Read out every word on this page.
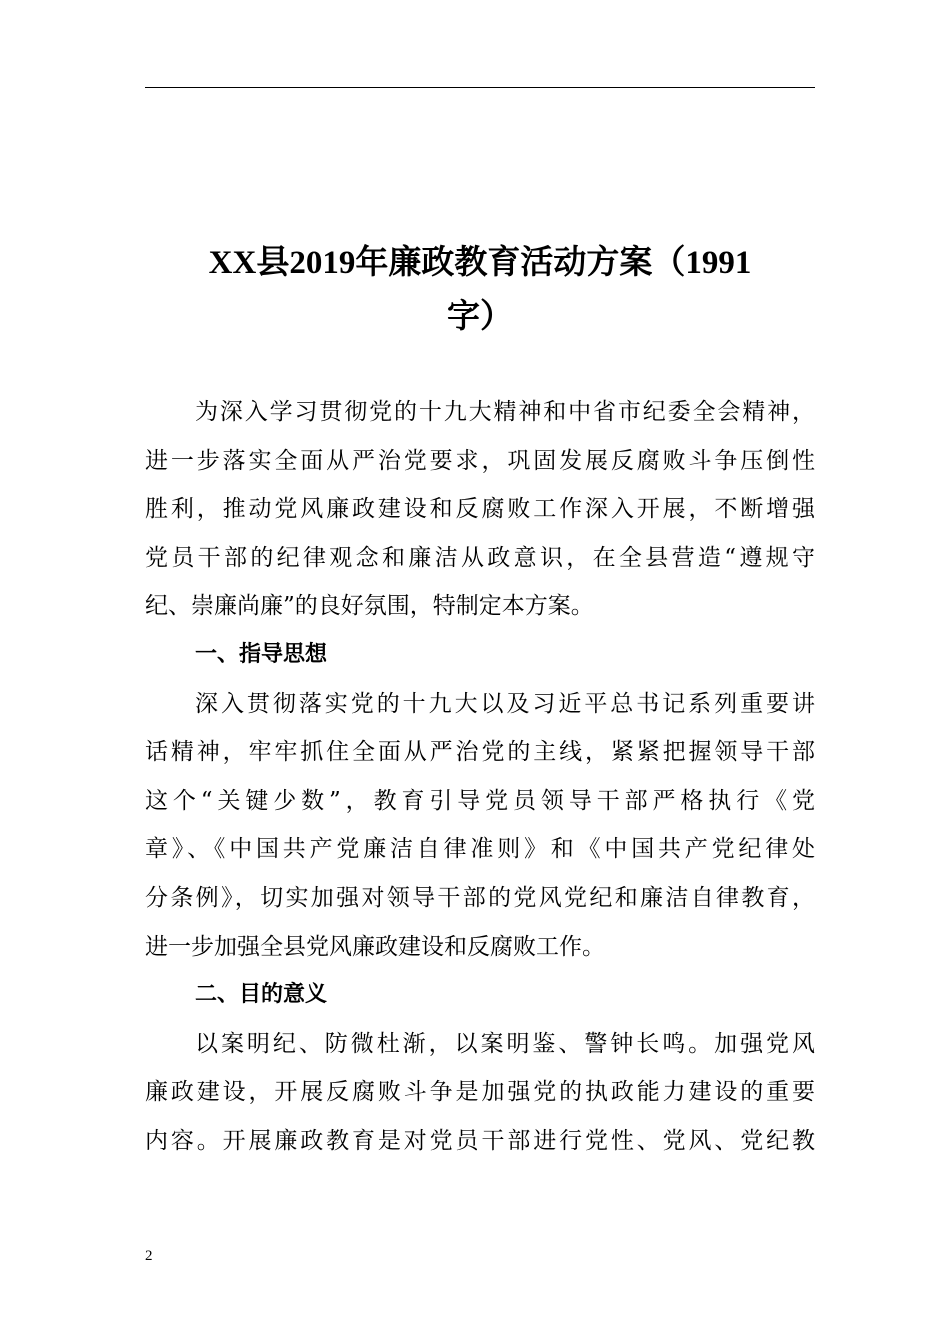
XX县2019年廉政教育活动方案（1991
字）
为深入学习贯彻党的十九大精神和中省市纪委全会精神，
进一步落实全面从严治党要求，巩固发展反腐败斗争压倒性
胜利，推动党风廉政建设和反腐败工作深入开展，不断增强
党员干部的纪律观念和廉洁从政意识，在全县营造“遵规守
纪、崇廉尚廉”的良好氛围，特制定本方案。
一、指导思想
深入贯彻落实党的十九大以及习近平总书记系列重要讲
话精神，牢牢抓住全面从严治党的主线，紧紧把握领导干部
这个“关键少数”，教育引导党员领导干部严格执行《党
章》、《中国共产党廉洁自律准则》和《中国共产党纪律处
分条例》，切实加强对领导干部的党风党纪和廉洁自律教育，
进一步加强全县党风廉政建设和反腐败工作。
二、目的意义
以案明纪、防微杜渐，以案明鉴、警钟长鸣。加强党风
廉政建设，开展反腐败斗争是加强党的执政能力建设的重要
内容。开展廉政教育是对党员干部进行党性、党风、党纪教
2
